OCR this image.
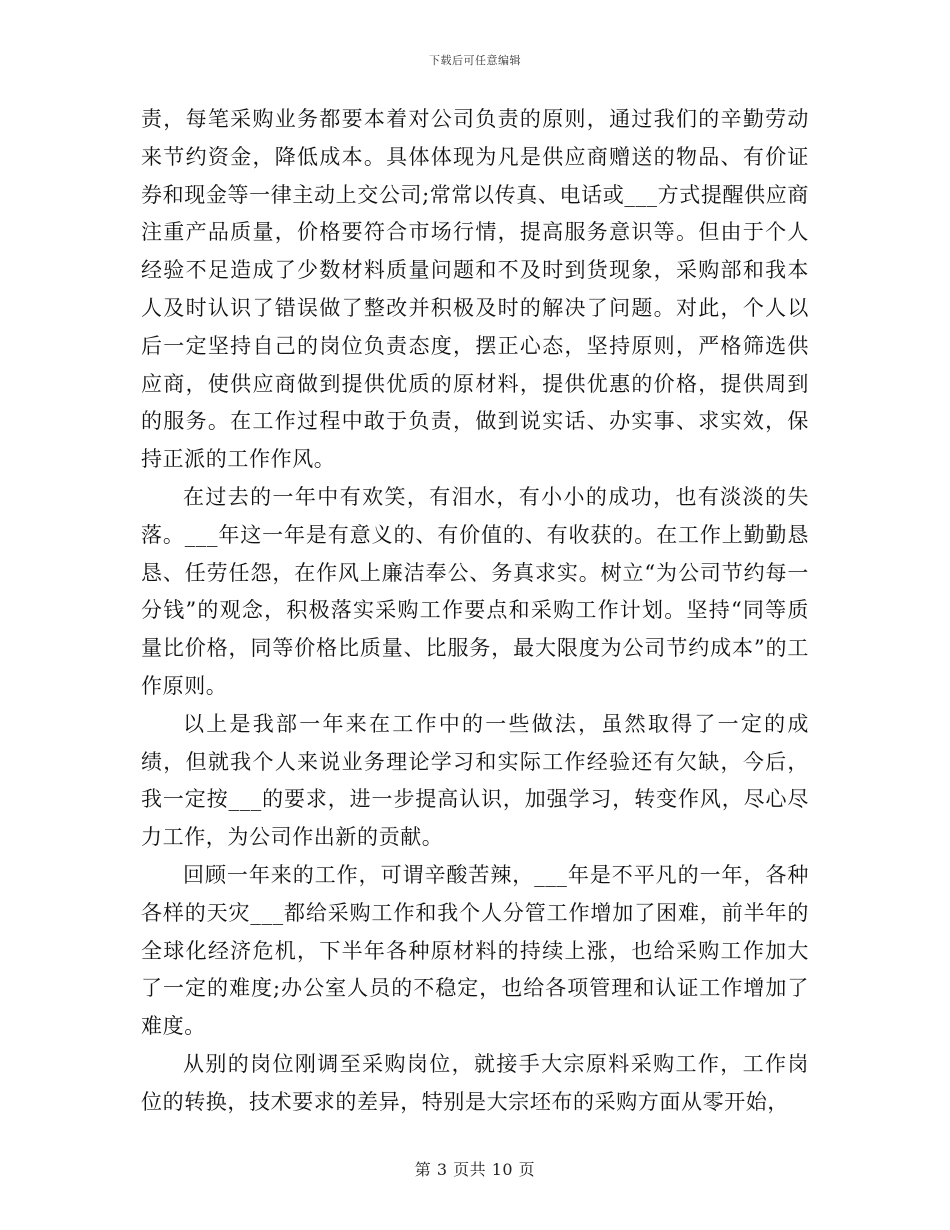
下载后可任意编辑

责，每笔采购业务都要本着对公司负责的原则，通过我们的辛勤劳动来节约资金，降低成本。具体体现为凡是供应商赠送的物品、有价证券和现金等一律主动上交公司;常常以传真、电话或___方式提醒供应商注重产品质量，价格要符合市场行情，提高服务意识等。但由于个人经验不足造成了少数材料质量问题和不及时到货现象，采购部和我本人及时认识了错误做了整改并积极及时的解决了问题。对此，个人以后一定坚持自己的岗位负责态度，摆正心态，坚持原则，严格筛选供应商，使供应商做到提供优质的原材料，提供优惠的价格，提供周到的服务。在工作过程中敢于负责，做到说实话、办实事、求实效，保持正派的工作作风。

在过去的一年中有欢笑，有泪水，有小小的成功，也有淡淡的失落。___年这一年是有意义的、有价值的、有收获的。在工作上勤勤恳恳、任劳任怨，在作风上廉洁奉公、务真求实。树立“为公司节约每一分钱”的观念，积极落实采购工作要点和采购工作计划。坚持“同等质量比价格，同等价格比质量、比服务，最大限度为公司节约成本”的工作原则。

以上是我部一年来在工作中的一些做法，虽然取得了一定的成绩，但就我个人来说业务理论学习和实际工作经验还有欠缺，今后，我一定按___的要求，进一步提高认识，加强学习，转变作风，尽心尽力工作，为公司作出新的贡献。

回顾一年来的工作，可谓辛酸苦辣，___年是不平凡的一年，各种各样的天灾___都给采购工作和我个人分管工作增加了困难，前半年的全球化经济危机，下半年各种原材料的持续上涨，也给采购工作加大了一定的难度;办公室人员的不稳定，也给各项管理和认证工作增加了难度。

从别的岗位刚调至采购岗位，就接手大宗原料采购工作，工作岗位的转换，技术要求的差异，特别是大宗坯布的采购方面从零开始，

第 3 页共 10 页
